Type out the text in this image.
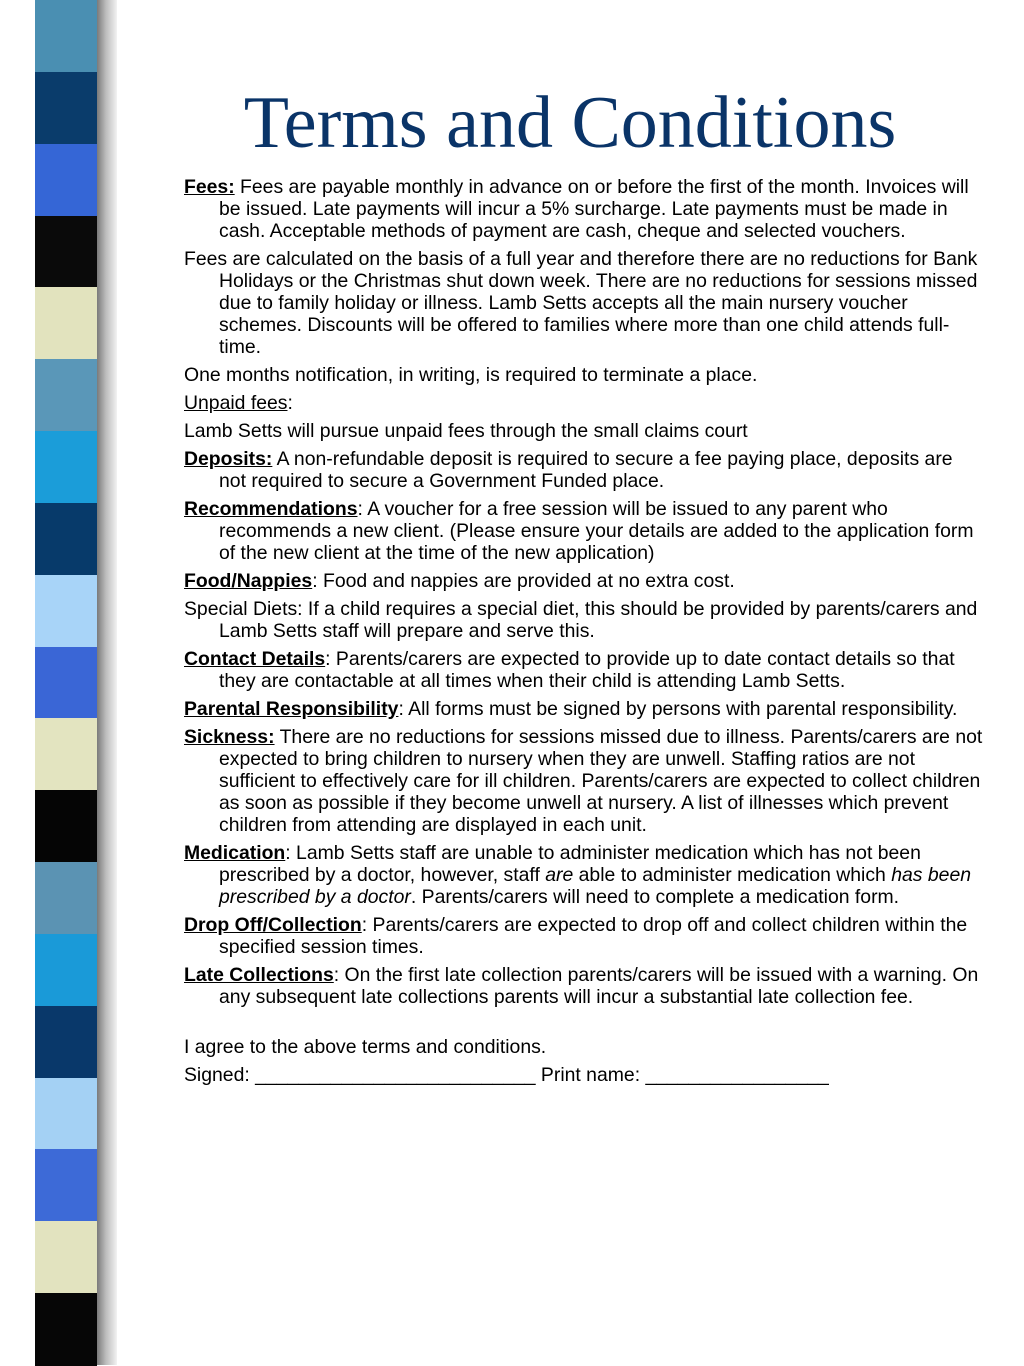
Terms and Conditions

Fees: Fees are payable monthly in advance on or before the first of the month. Invoices will be issued. Late payments will incur a 5% surcharge. Late payments must be made in cash. Acceptable methods of payment are cash, cheque and selected vouchers.

Fees are calculated on the basis of a full year and therefore there are no reductions for Bank Holidays or the Christmas shut down week. There are no reductions for sessions missed due to family holiday or illness. Lamb Setts accepts all the main nursery voucher schemes. Discounts will be offered to families where more than one child attends full-time.

One months notification, in writing, is required to terminate a place.

Unpaid fees:

Lamb Setts will pursue unpaid fees through the small claims court

Deposits: A non-refundable deposit is required to secure a fee paying place, deposits are not required to secure a Government Funded place.

Recommendations: A voucher for a free session will be issued to any parent who recommends a new client. (Please ensure your details are added to the application form of the new client at the time of the new application)

Food/Nappies: Food and nappies are provided at no extra cost.

Special Diets: If a child requires a special diet, this should be provided by parents/carers and Lamb Setts staff will prepare and serve this.

Contact Details: Parents/carers are expected to provide up to date contact details so that they are contactable at all times when their child is attending Lamb Setts.

Parental Responsibility: All forms must be signed by persons with parental responsibility.

Sickness: There are no reductions for sessions missed due to illness. Parents/carers are not expected to bring children to nursery when they are unwell. Staffing ratios are not sufficient to effectively care for ill children. Parents/carers are expected to collect children as soon as possible if they become unwell at nursery. A list of illnesses which prevent children from attending are displayed in each unit.

Medication: Lamb Setts staff are unable to administer medication which has not been prescribed by a doctor, however, staff are able to administer medication which has been prescribed by a doctor. Parents/carers will need to complete a medication form.

Drop Off/Collection: Parents/carers are expected to drop off and collect children within the specified session times.

Late Collections: On the first late collection parents/carers will be issued with a warning. On any subsequent late collections parents will incur a substantial late collection fee.

I agree to the above terms and conditions.

Signed: __________________________ Print name: _________________
